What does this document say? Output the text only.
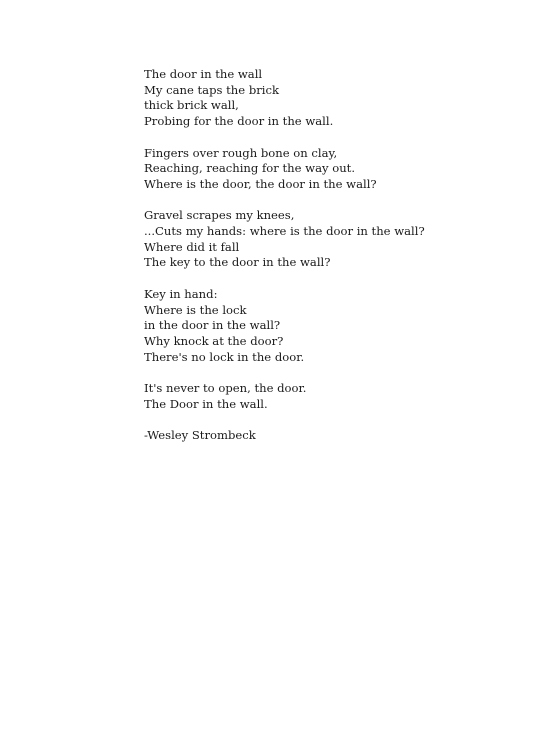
The door in the wall
My cane taps the brick
thick brick wall,
Probing for the door in the wall.
Fingers over rough bone on clay,
Reaching, reaching for the way out.
Where is the door, the door in the wall?
Gravel scrapes my knees,
...Cuts my hands: where is the door in the wall?
Where did it fall
The key to the door in the wall?
Key in hand:
Where is the lock
in the door in the wall?
Why knock at the door?
There's no lock in the door.
It's never to open, the door.
The Door in the wall.
-Wesley Strombeck
